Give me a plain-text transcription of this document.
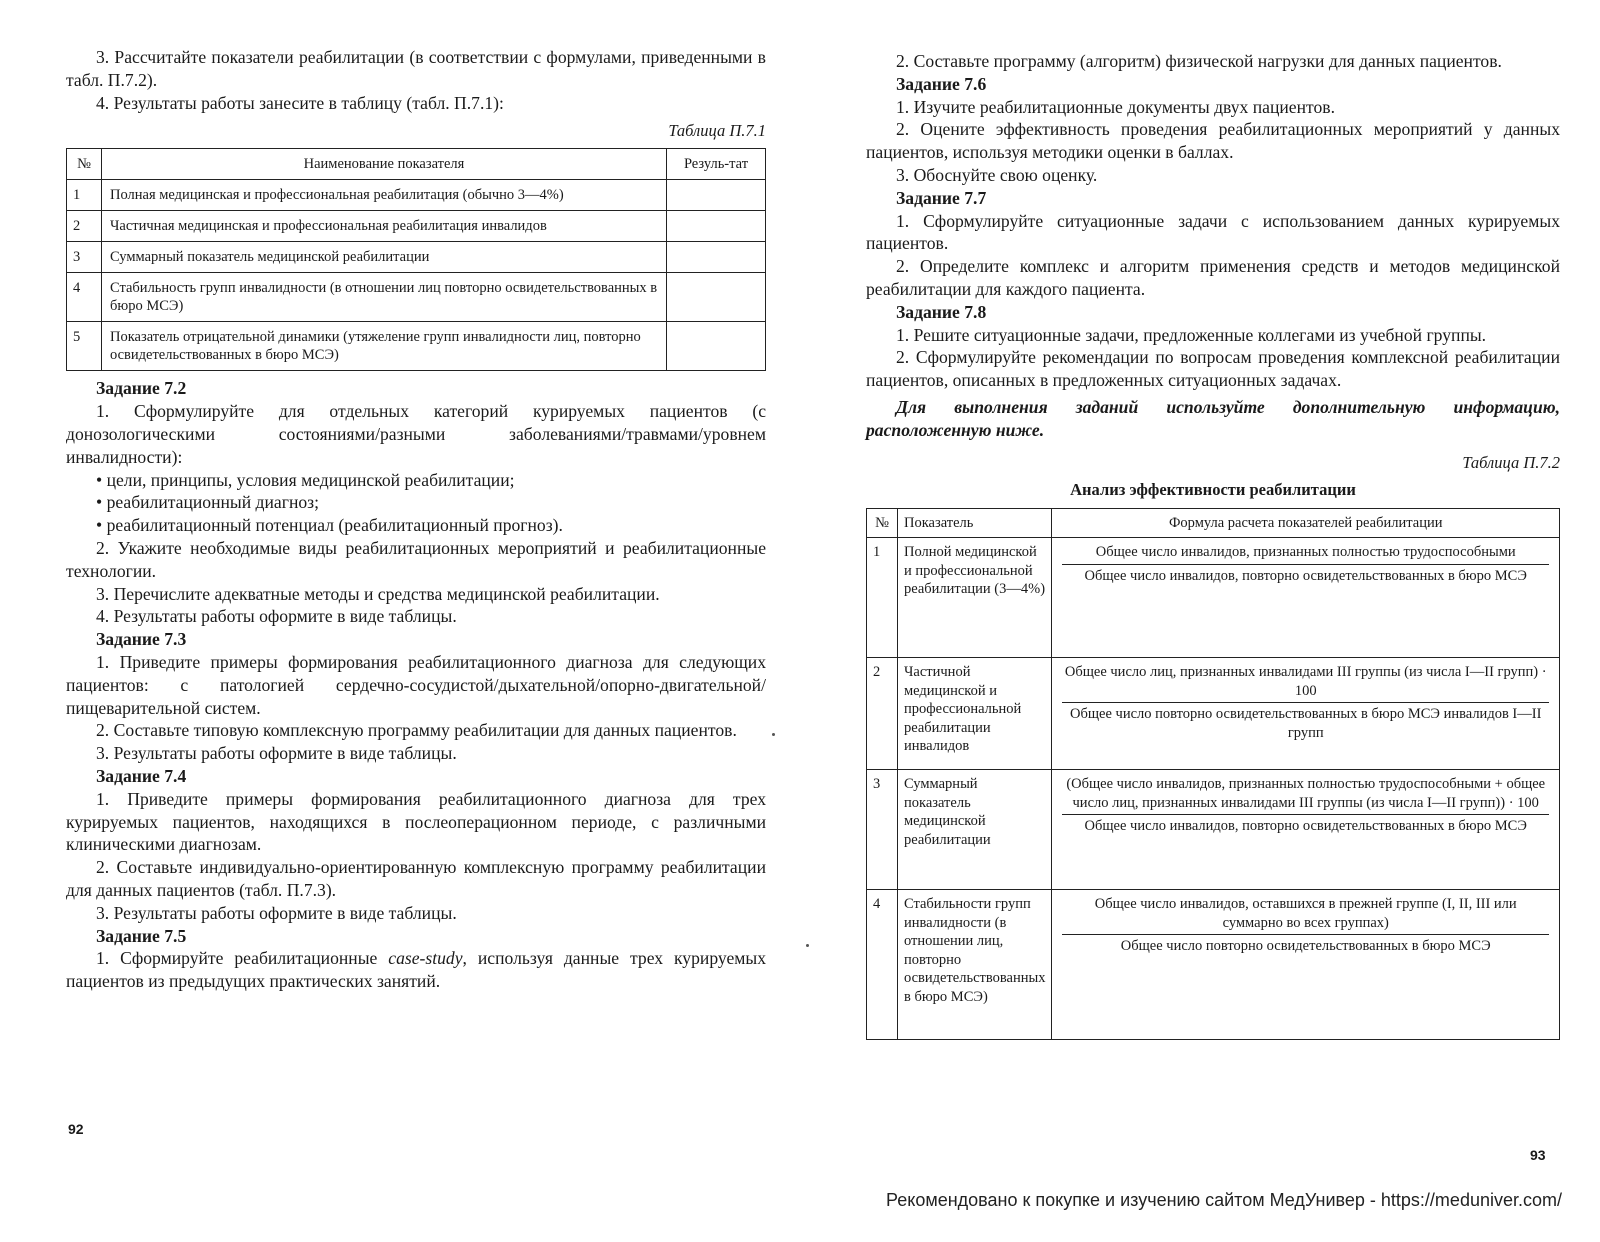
3. Рассчитайте показатели реабилитации (в соответствии с формулами, приведенными в табл. П.7.2).

4. Результаты работы занесите в таблицу (табл. П.7.1):

Таблица П.7.1
№	Наименование показателя	Резуль-тат
1	Полная медицинская и профессиональная реабилитация (обычно 3—4%)	
2	Частичная медицинская и профессиональная реабилитация инвалидов	
3	Суммарный показатель медицинской реабилитации	
4	Стабильность групп инвалидности (в отношении лиц повторно освидетельствованных в бюро МСЭ)	
5	Показатель отрицательной динамики (утяжеление групп инвалидности лиц, повторно освидетельствованных в бюро МСЭ)	
Задание 7.2

1. Сформулируйте для отдельных категорий курируемых пациентов (с донозологическими состояниями/разными заболеваниями/травмами/уровнем инвалидности):

• цели, принципы, условия медицинской реабилитации;
• реабилитационный диагноз;
• реабилитационный потенциал (реабилитационный прогноз).

2. Укажите необходимые виды реабилитационных мероприятий и реабилитационные технологии.

3. Перечислите адекватные методы и средства медицинской реабилитации.

4. Результаты работы оформите в виде таблицы.

Задание 7.3

1. Приведите примеры формирования реабилитационного диагноза для следующих пациентов: с патологией сердечно-сосудистой/дыхательной/опорно-двигательной/пищеварительной систем.

2. Составьте типовую комплексную программу реабилитации для данных пациентов.

3. Результаты работы оформите в виде таблицы.

Задание 7.4

1. Приведите примеры формирования реабилитационного диагноза для трех курируемых пациентов, находящихся в послеоперационном периоде, с различными клиническими диагнозам.

2. Составьте индивидуально-ориентированную комплексную программу реабилитации для данных пациентов (табл. П.7.3).

3. Результаты работы оформите в виде таблицы.

Задание 7.5

1. Сформируйте реабилитационные case-study, используя данные трех курируемых пациентов из предыдущих практических занятий.

92

2. Составьте программу (алгоритм) физической нагрузки для данных пациентов.

Задание 7.6

1. Изучите реабилитационные документы двух пациентов.

2. Оцените эффективность проведения реабилитационных мероприятий у данных пациентов, используя методики оценки в баллах.

3. Обоснуйте свою оценку.

Задание 7.7

1. Сформулируйте ситуационные задачи с использованием данных курируемых пациентов.

2. Определите комплекс и алгоритм применения средств и методов медицинской реабилитации для каждого пациента.

Задание 7.8

1. Решите ситуационные задачи, предложенные коллегами из учебной группы.

2. Сформулируйте рекомендации по вопросам проведения комплексной реабилитации пациентов, описанных в предложенных ситуационных задачах.

Для выполнения заданий используйте дополнительную информацию, расположенную ниже.

Таблица П.7.2
Анализ эффективности реабилитации
№	Показатель	Формула расчета показателей реабилитации
1	Полной медицинской и профессиональной реабилитации (3—4%)	Общее число инвалидов, признанных полностью трудоспособными
Общее число инвалидов, повторно освидетельствованных в бюро МСЭ

2	Частичной медицинской и профессиональной реабилитации инвалидов	Общее число лиц, признанных инвалидами III группы (из числа I—II групп) · 100
Общее число повторно освидетельствованных в бюро МСЭ инвалидов I—II групп

3	Суммарный показатель медицинской реабилитации	(Общее число инвалидов, признанных полностью трудоспособными + общее число лиц, признанных инвалидами III группы (из числа I—II групп)) · 100
Общее число инвалидов, повторно освидетельствованных в бюро МСЭ

4	Стабильности групп инвалидности (в отношении лиц, повторно освидетельствованных в бюро МСЭ)	Общее число инвалидов, оставшихся в прежней группе (I, II, III или суммарно во всех группах)
Общее число повторно освидетельствованных в бюро МСЭ
93
Рекомендовано к покупке и изучению сайтом МедУнивер - https://meduniver.com/
